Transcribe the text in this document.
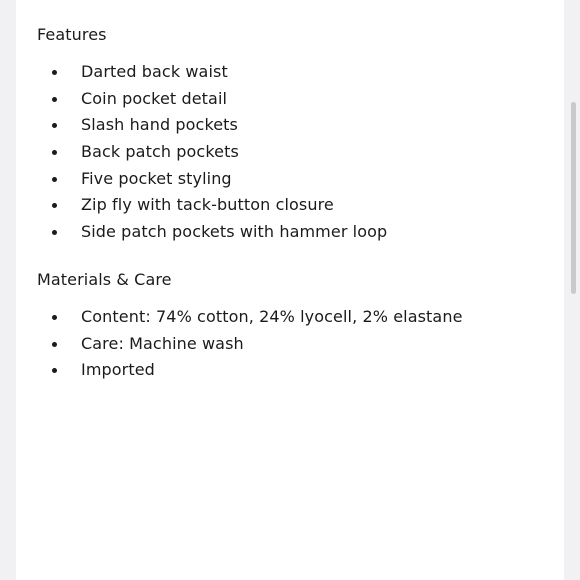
Features
Darted back waist
Coin pocket detail
Slash hand pockets
Back patch pockets
Five pocket styling
Zip fly with tack-button closure
Side patch pockets with hammer loop
Materials & Care
Content: 74% cotton, 24% lyocell, 2% elastane
Care: Machine wash
Imported
